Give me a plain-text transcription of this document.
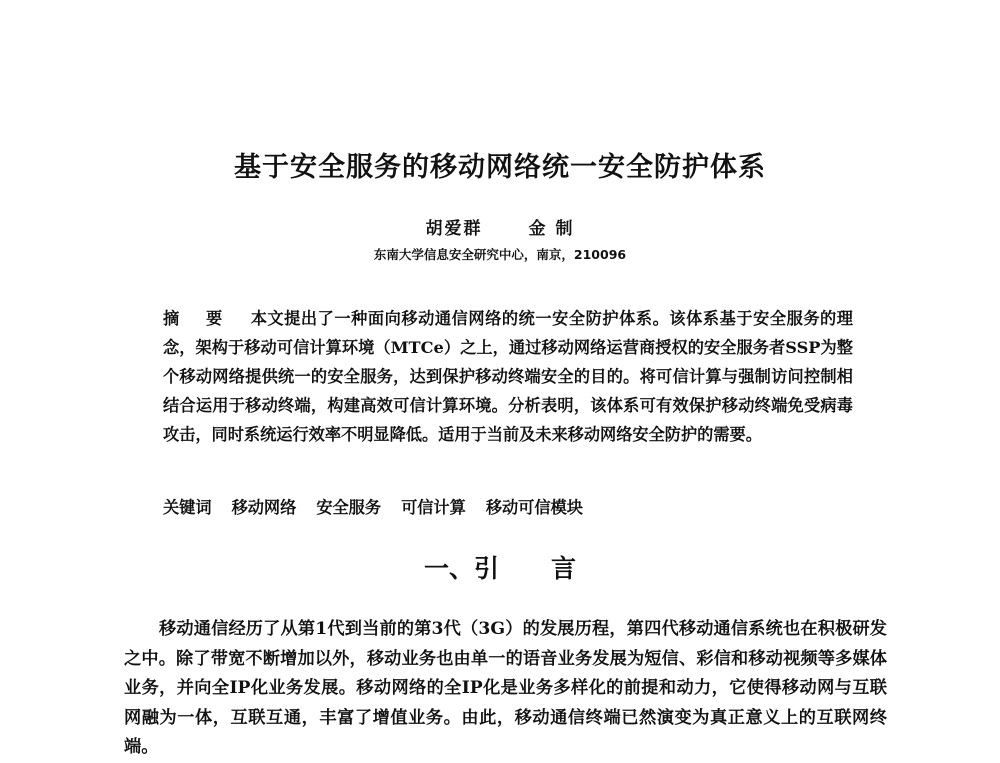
基于安全服务的移动网络统一安全防护体系
胡爱群	金 制
东南大学信息安全研究中心，南京，210096
摘 要 本文提出了一种面向移动通信网络的统一安全防护体系。该体系基于安全服务的理念，架构于移动可信计算环境（MTCe）之上，通过移动网络运营商授权的安全服务者SSP为整个移动网络提供统一的安全服务，达到保护移动终端安全的目的。将可信计算与强制访问控制相结合运用于移动终端，构建高效可信计算环境。分析表明，该体系可有效保护移动终端免受病毒攻击，同时系统运行效率不明显降低。适用于当前及未来移动网络安全防护的需要。
关键词 移动网络 安全服务 可信计算 移动可信模块
一、引 言
移动通信经历了从第1代到当前的第3代（3G）的发展历程，第四代移动通信系统也在积极研发之中。除了带宽不断增加以外，移动业务也由单一的语音业务发展为短信、彩信和移动视频等多媒体业务，并向全IP化业务发展。移动网络的全IP化是业务多样化的前提和动力，它使得移动网与互联网融为一体，互联互通，丰富了增值业务。由此，移动通信终端已然演变为真正意义上的互联网终端。
